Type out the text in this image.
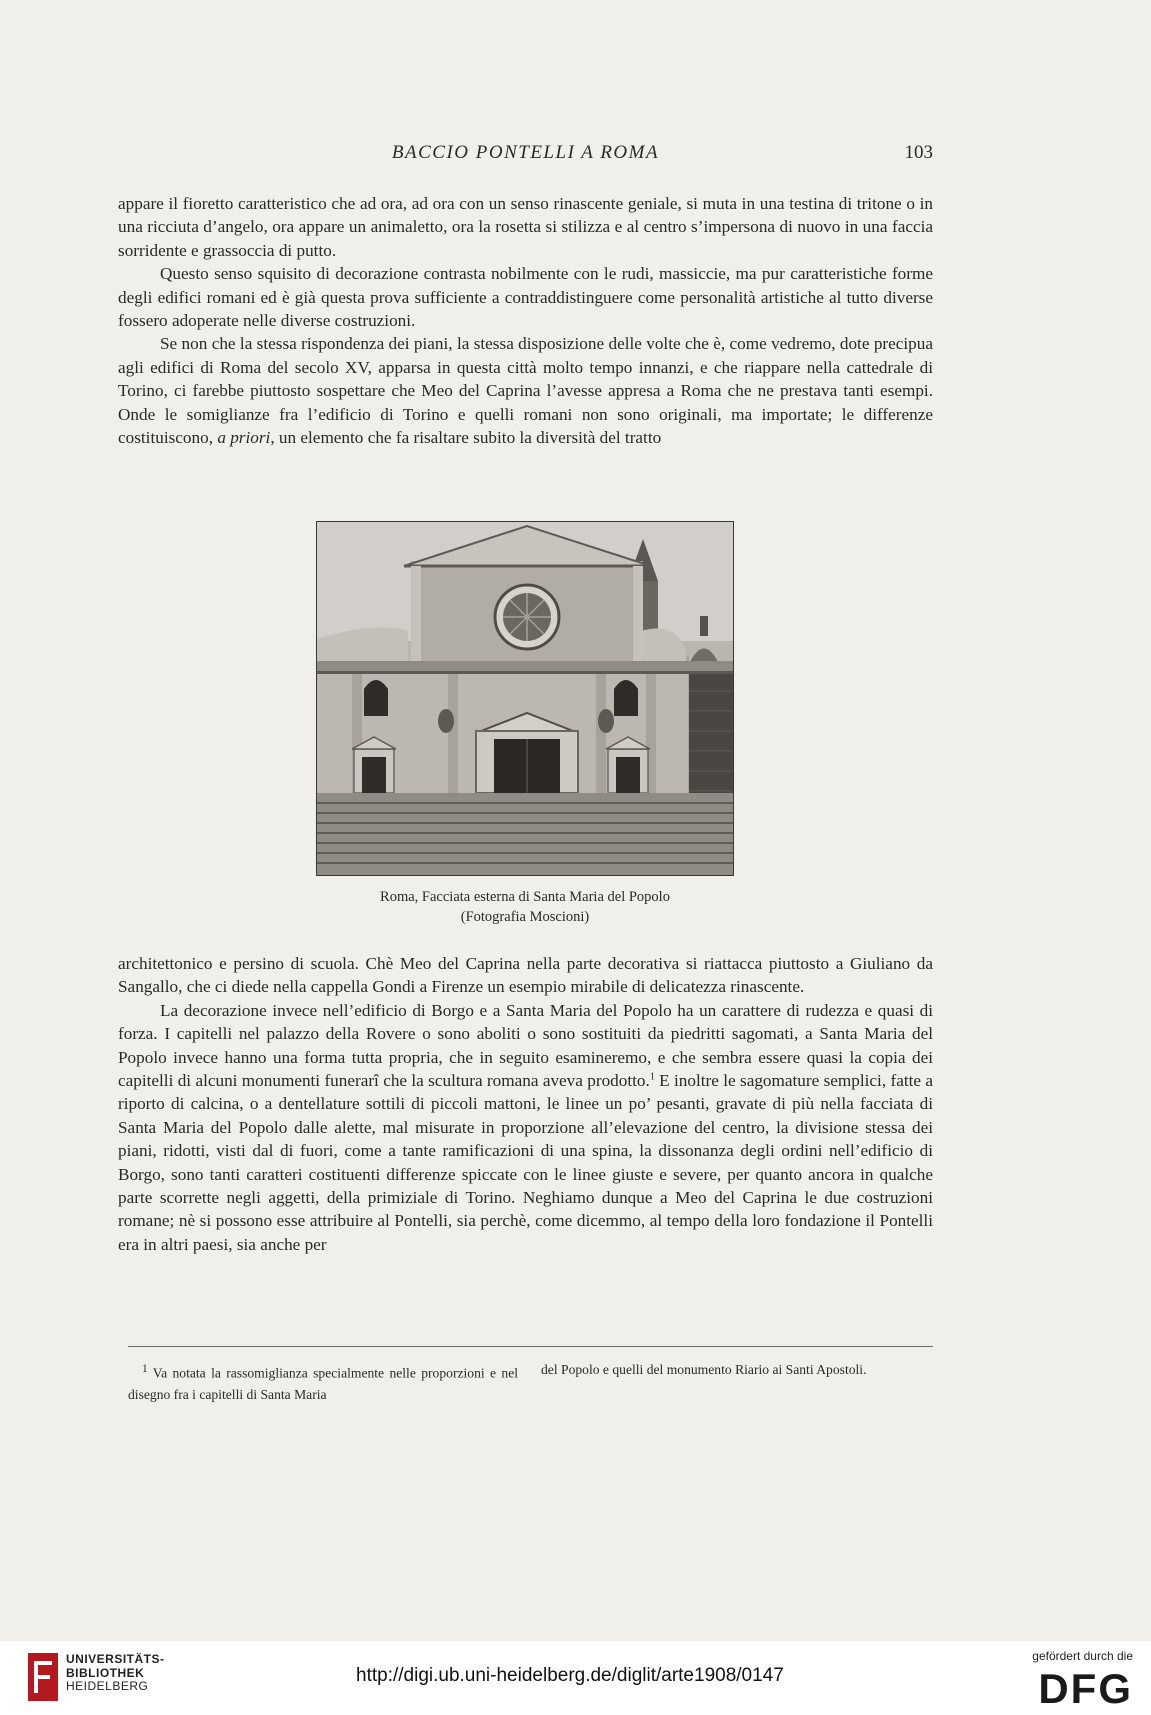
BACCIO PONTELLI A ROMA	103

appare il fioretto caratteristico che ad ora, ad ora con un senso rinascente geniale, si muta in una testina di tritone o in una ricciuta d’angelo, ora appare un animaletto, ora la rosetta si stilizza e al centro s’impersona di nuovo in una faccia sorridente e grassoccia di putto.

Questo senso squisito di decorazione contrasta nobilmente con le rudi, massiccie, ma pur caratteristiche forme degli edifici romani ed è già questa prova sufficiente a contraddistinguere come personalità artistiche al tutto diverse fossero adoperate nelle diverse costruzioni.

Se non che la stessa rispondenza dei piani, la stessa disposizione delle volte che è, come vedremo, dote precipua agli edifici di Roma del secolo XV, apparsa in questa città molto tempo innanzi, e che riappare nella cattedrale di Torino, ci farebbe piuttosto sospettare che Meo del Caprina l’avesse appresa a Roma che ne prestava tanti esempi. Onde le somiglianze fra l’edificio di Torino e quelli romani non sono originali, ma importate; le differenze costituiscono, a priori, un elemento che fa risaltare subito la diversità del tratto

Roma, Facciata esterna di Santa Maria del Popolo
(Fotografia Moscioni)

architettonico e persino di scuola. Chè Meo del Caprina nella parte decorativa si riattacca piuttosto a Giuliano da Sangallo, che ci diede nella cappella Gondi a Firenze un esempio mirabile di delicatezza rinascente.

La decorazione invece nell’edificio di Borgo e a Santa Maria del Popolo ha un carattere di rudezza e quasi di forza. I capitelli nel palazzo della Rovere o sono aboliti o sono sostituiti da piedritti sagomati, a Santa Maria del Popolo invece hanno una forma tutta propria, che in seguito esamineremo, e che sembra essere quasi la copia dei capitelli di alcuni monumenti funerarî che la scultura romana aveva prodotto.$^1$ E inoltre le sagomature semplici, fatte a riporto di calcina, o a dentellature sottili di piccoli mattoni, le linee un po’ pesanti, gravate di più nella facciata di Santa Maria del Popolo dalle alette, mal misurate in proporzione all’elevazione del centro, la divisione stessa dei piani, ridotti, visti dal di fuori, come a tante ramificazioni di una spina, la dissonanza degli ordini nell’edificio di Borgo, sono tanti caratteri costituenti differenze spiccate con le linee giuste e severe, per quanto ancora in qualche parte scorrette negli aggetti, della primiziale di Torino. Neghiamo dunque a Meo del Caprina le due costruzioni romane; nè si possono esse attribuire al Pontelli, sia perchè, come dicemmo, al tempo della loro fondazione il Pontelli era in altri paesi, sia anche per

$^1$ Va notata la rassomiglianza specialmente nelle proporzioni e nel disegno fra i capitelli di Santa Maria
del Popolo e quelli del monumento Riario ai Santi Apostoli.
UNIVERSITÄTS-
BIBLIOTHEK
HEIDELBERG	http://digi.ub.uni-heidelberg.de/diglit/arte1908/0147
gefördert durch die
DFG
